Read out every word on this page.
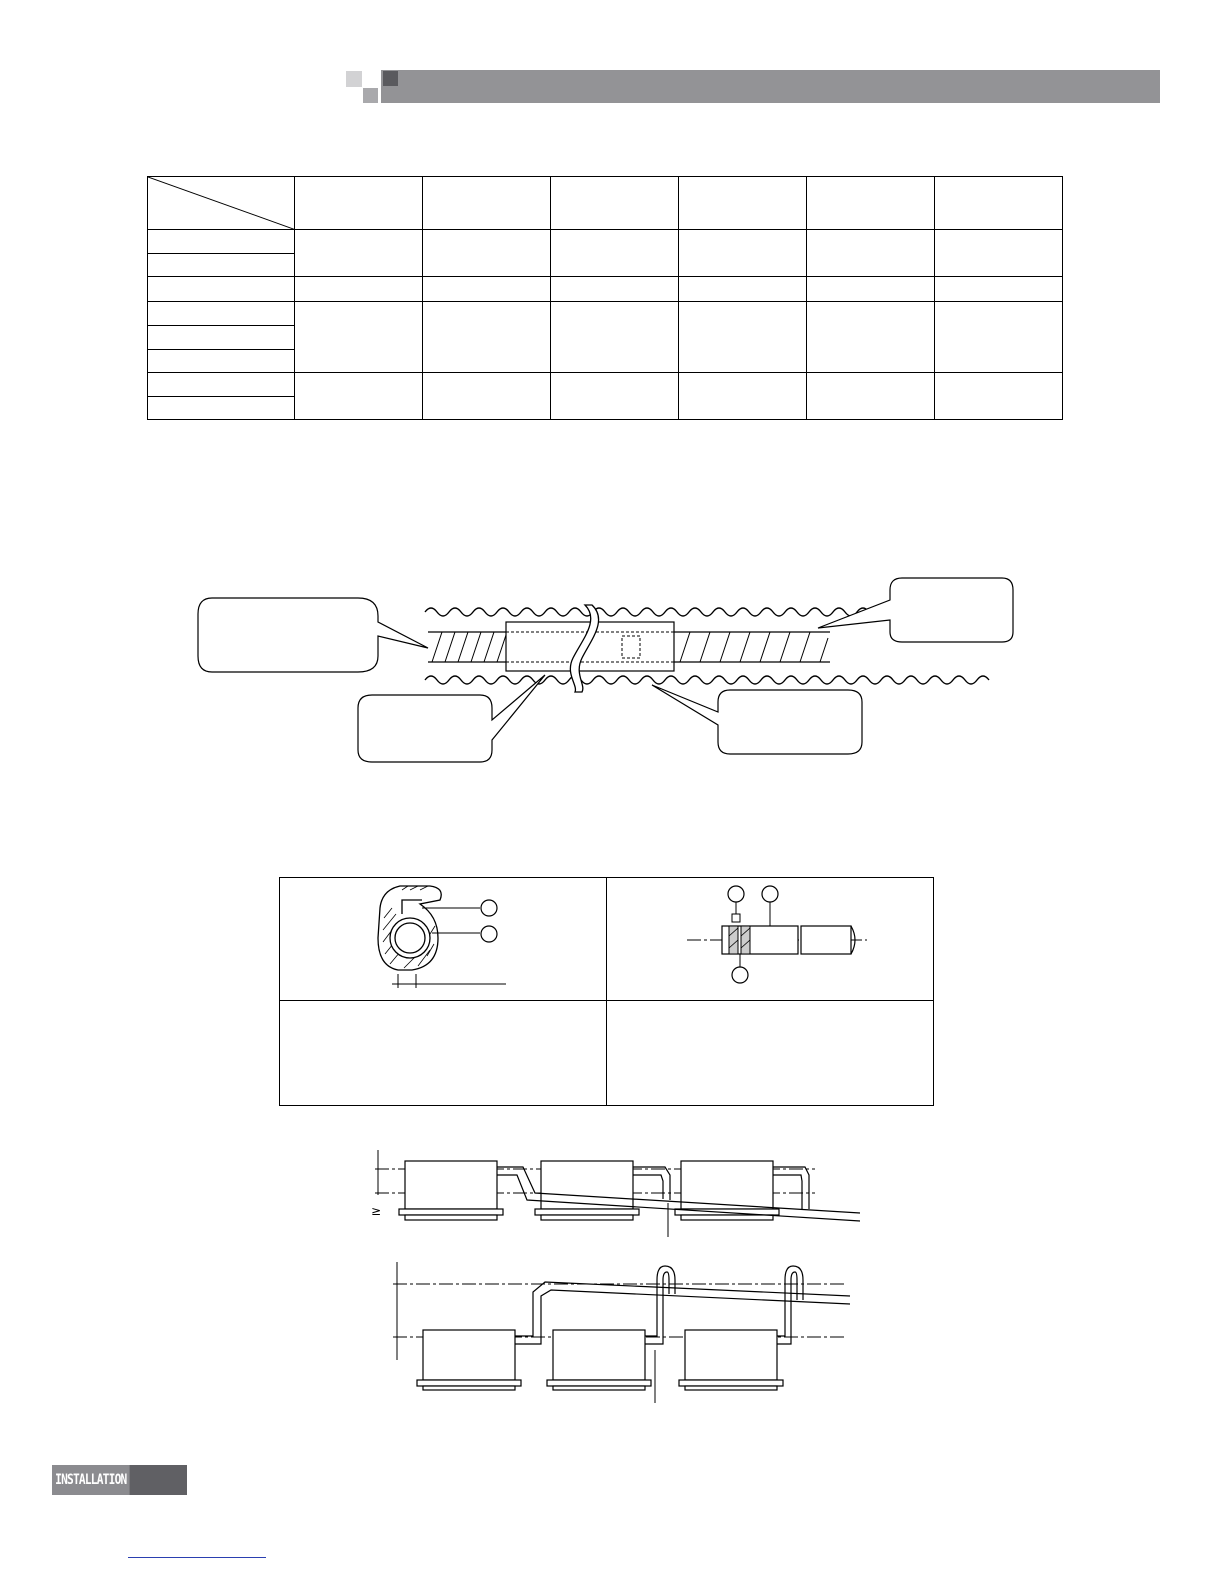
≥
INSTALLATION
